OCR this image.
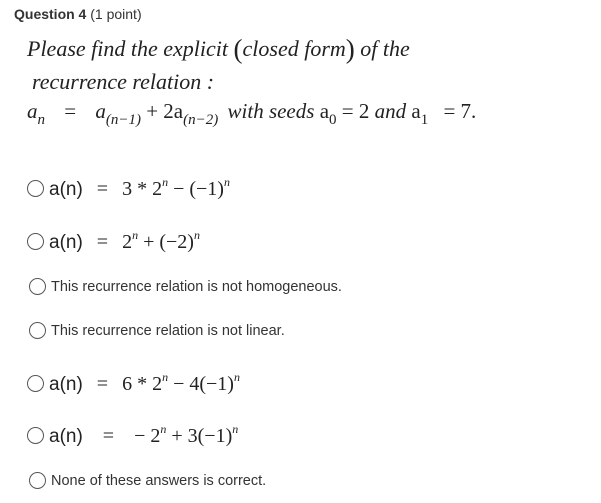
Question 4 (1 point)
Please find the explicit (closed form) of the
recurrence relation :
$a_n = a_{(n-1)} + 2a_{(n-2)}$ with seeds $a_0 = 2$ and $a_1 = 7$.
$a(n) = 3 * 2^n - (-1)^n$
$a(n) = 2^n + (-2)^n$
This recurrence relation is not homogeneous.
This recurrence relation is not linear.
$a(n) = 6 * 2^n - 4(-1)^n$
a(n) = − $2^n + 3(-1)^n$
None of these answers is correct.
